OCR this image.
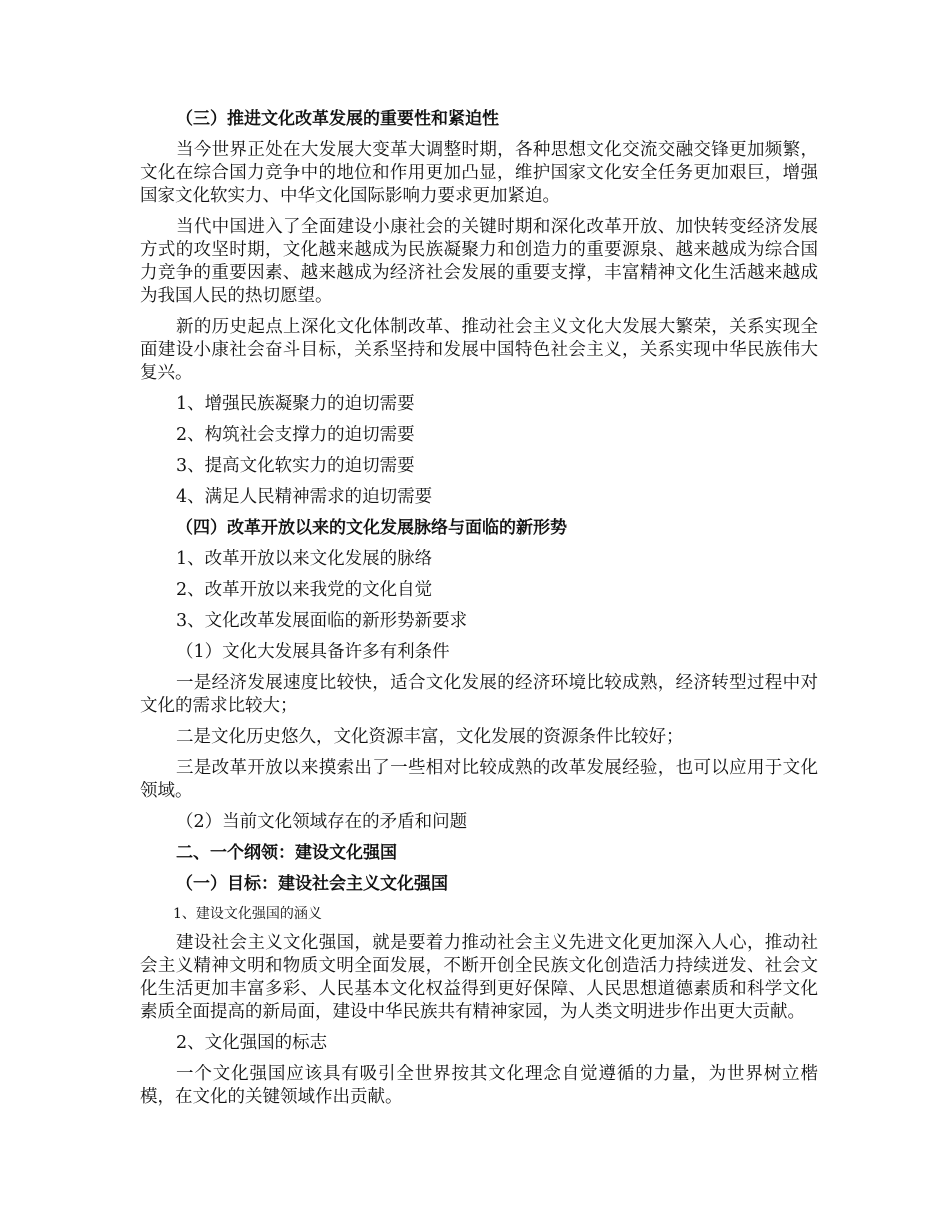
（三）推进文化改革发展的重要性和紧迫性

当今世界正处在大发展大变革大调整时期，各种思想文化交流交融交锋更加频繁，文化在综合国力竞争中的地位和作用更加凸显，维护国家文化安全任务更加艰巨，增强国家文化软实力、中华文化国际影响力要求更加紧迫。

当代中国进入了全面建设小康社会的关键时期和深化改革开放、加快转变经济发展方式的攻坚时期，文化越来越成为民族凝聚力和创造力的重要源泉、越来越成为综合国力竞争的重要因素、越来越成为经济社会发展的重要支撑，丰富精神文化生活越来越成为我国人民的热切愿望。

新的历史起点上深化文化体制改革、推动社会主义文化大发展大繁荣，关系实现全面建设小康社会奋斗目标，关系坚持和发展中国特色社会主义，关系实现中华民族伟大复兴。

1、增强民族凝聚力的迫切需要

2、构筑社会支撑力的迫切需要

3、提高文化软实力的迫切需要

4、满足人民精神需求的迫切需要

（四）改革开放以来的文化发展脉络与面临的新形势

1、改革开放以来文化发展的脉络

2、改革开放以来我党的文化自觉

3、文化改革发展面临的新形势新要求

（1）文化大发展具备许多有利条件

一是经济发展速度比较快，适合文化发展的经济环境比较成熟，经济转型过程中对文化的需求比较大；

二是文化历史悠久，文化资源丰富，文化发展的资源条件比较好；

三是改革开放以来摸索出了一些相对比较成熟的改革发展经验，也可以应用于文化领域。

（2）当前文化领域存在的矛盾和问题

二、一个纲领：建设文化强国

（一）目标：建设社会主义文化强国

1、建设文化强国的涵义

建设社会主义文化强国，就是要着力推动社会主义先进文化更加深入人心，推动社会主义精神文明和物质文明全面发展，不断开创全民族文化创造活力持续迸发、社会文化生活更加丰富多彩、人民基本文化权益得到更好保障、人民思想道德素质和科学文化素质全面提高的新局面，建设中华民族共有精神家园，为人类文明进步作出更大贡献。

2、文化强国的标志

一个文化强国应该具有吸引全世界按其文化理念自觉遵循的力量，为世界树立楷模，在文化的关键领域作出贡献。
